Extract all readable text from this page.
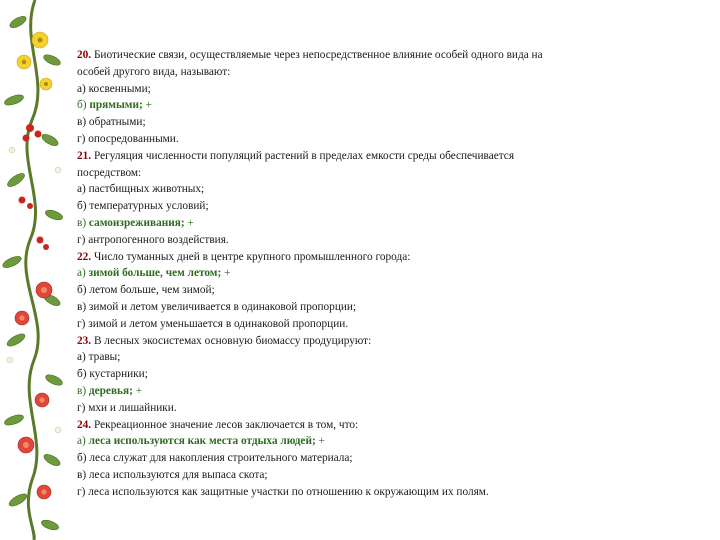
20. Биотические связи, осуществляемые через непосредственное влияние особей одного вида на
особей другого вида, называют:
а) косвенными;
б) прямыми; +
в) обратными;
г) опосредованными.
21. Регуляция численности популяций растений в пределах емкости среды обеспечивается
посредством:
а) пастбищных животных;
б) температурных условий;
в) самоизреживания; +
г) антропогенного воздействия.
22. Число туманных дней в центре крупного промышленного города:
а) зимой больше, чем летом; +
б) летом больше, чем зимой;
в) зимой и летом увеличивается в одинаковой пропорции;
г) зимой и летом уменьшается в одинаковой пропорции.
23. В лесных экосистемах основную биомассу продуцируют:
а) травы;
б) кустарники;
в) деревья; +
г) мхи и лишайники.
24. Рекреационное значение лесов заключается в том, что:
а) леса используются как места отдыха людей; +
б) леса служат для накопления строительного материала;
в) леса используются для выпаса скота;
г) леса используются как защитные участки по отношению к окружающим их полям.
